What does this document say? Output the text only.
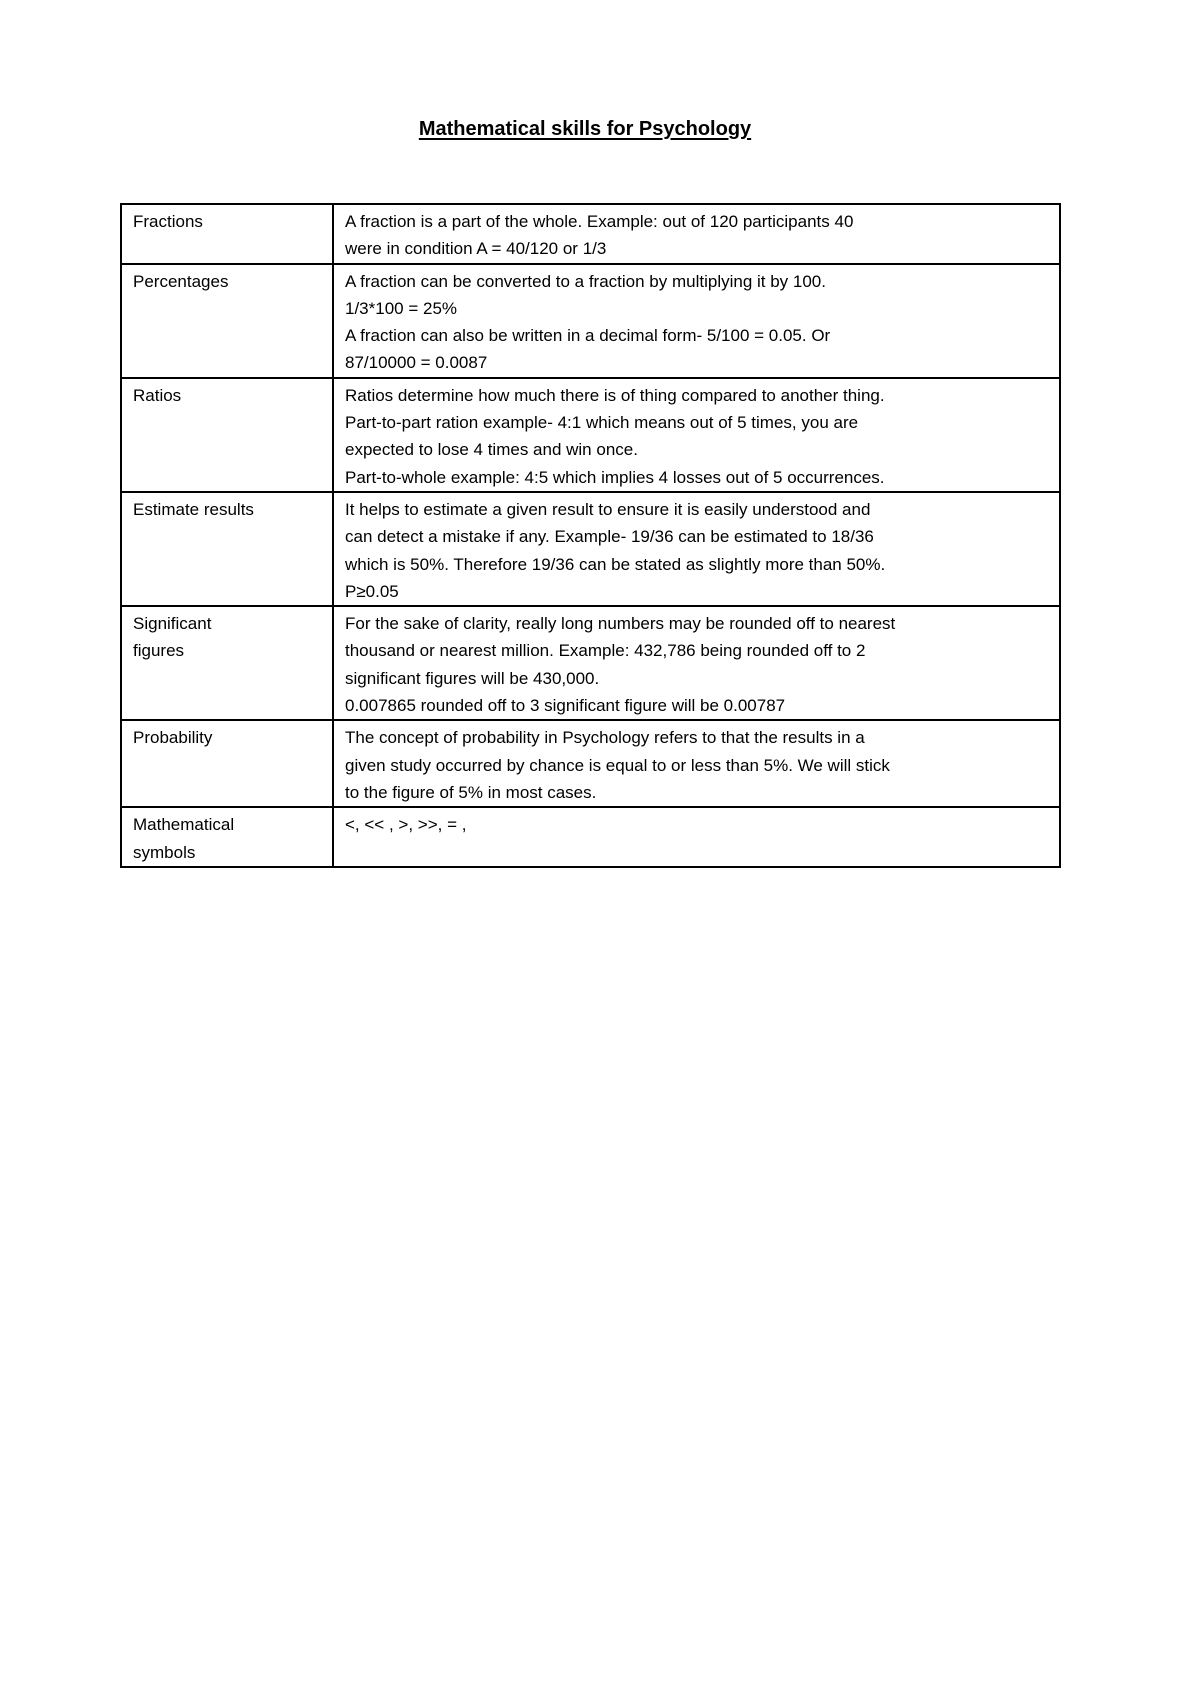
Mathematical skills for Psychology
Fractions	A fraction is a part of the whole. Example: out of 120 participants 40
were in condition A = 40/120 or 1/3

Percentages	A fraction can be converted to a fraction by multiplying it by 100.
1/3*100 = 25%
A fraction can also be written in a decimal form- 5/100 = 0.05. Or
87/10000 = 0.0087

Ratios	Ratios determine how much there is of thing compared to another thing.
Part-to-part ration example- 4:1 which means out of 5 times, you are
expected to lose 4 times and win once.
Part-to-whole example: 4:5 which implies 4 losses out of 5 occurrences.

Estimate results	It helps to estimate a given result to ensure it is easily understood and
can detect a mistake if any. Example- 19/36 can be estimated to 18/36
which is 50%. Therefore 19/36 can be stated as slightly more than 50%.
P≥0.05

Significant
figures	For the sake of clarity, really long numbers may be rounded off to nearest
thousand or nearest million. Example: 432,786 being rounded off to 2
significant figures will be 430,000.
0.007865 rounded off to 3 significant figure will be 0.00787

Probability	The concept of probability in Psychology refers to that the results in a
given study occurred by chance is equal to or less than 5%. We will stick
to the figure of 5% in most cases.

Mathematical
symbols	<, << , >, >>, = ,
